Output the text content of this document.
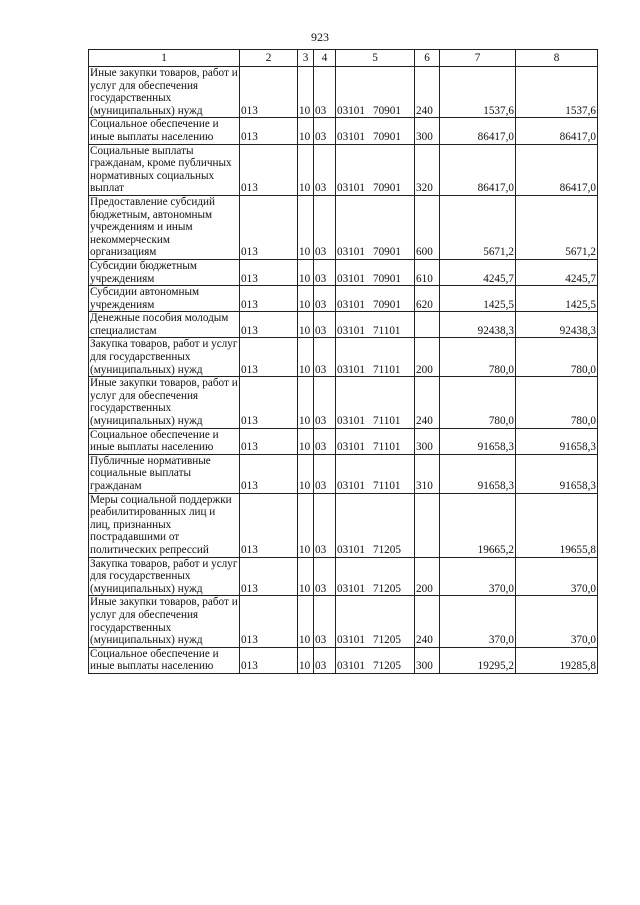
923
1	2	3	4	5	6	7	8
Иные закупки товаров, работ и услуг для обеспечения государственных (муниципальных) нужд	013	10	03	03101 70901	240	1537,6	1537,6
Социальное обеспечение и иные выплаты населению	013	10	03	03101 70901	300	86417,0	86417,0
Социальные выплаты гражданам, кроме публичных нормативных социальных выплат	013	10	03	03101 70901	320	86417,0	86417,0
Предоставление субсидий бюджетным, автономным учреждениям и иным некоммерческим организациям	013	10	03	03101 70901	600	5671,2	5671,2
Субсидии бюджетным учреждениям	013	10	03	03101 70901	610	4245,7	4245,7
Субсидии автономным учреждениям	013	10	03	03101 70901	620	1425,5	1425,5
Денежные пособия молодым специалистам	013	10	03	03101 71101		92438,3	92438,3
Закупка товаров, работ и услуг для государственных (муниципальных) нужд	013	10	03	03101 71101	200	780,0	780,0
Иные закупки товаров, работ и услуг для обеспечения государственных (муниципальных) нужд	013	10	03	03101 71101	240	780,0	780,0
Социальное обеспечение и иные выплаты населению	013	10	03	03101 71101	300	91658,3	91658,3
Публичные нормативные социальные выплаты гражданам	013	10	03	03101 71101	310	91658,3	91658,3
Меры социальной поддержки реабилитированных лиц и лиц, признанных пострадавшими от политических репрессий	013	10	03	03101 71205		19665,2	19655,8
Закупка товаров, работ и услуг для государственных (муниципальных) нужд	013	10	03	03101 71205	200	370,0	370,0
Иные закупки товаров, работ и услуг для обеспечения государственных (муниципальных) нужд	013	10	03	03101 71205	240	370,0	370,0
Социальное обеспечение и иные выплаты населению	013	10	03	03101 71205	300	19295,2	19285,8
